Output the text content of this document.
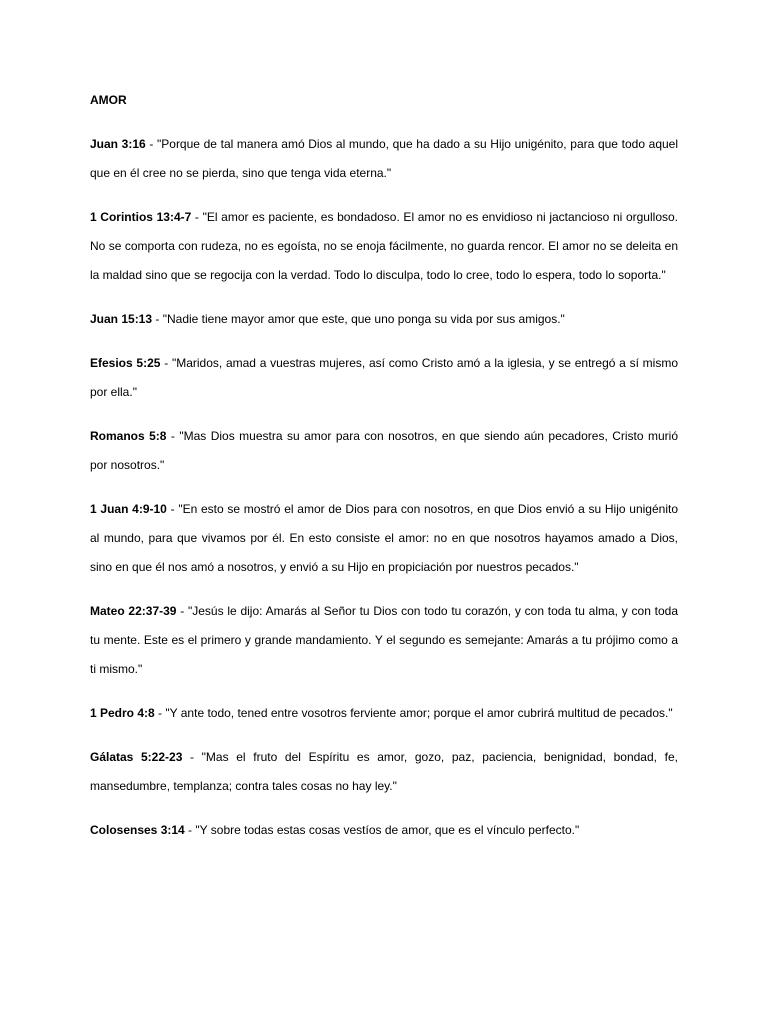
AMOR

Juan 3:16 - "Porque de tal manera amó Dios al mundo, que ha dado a su Hijo unigénito, para que todo aquel que en él cree no se pierda, sino que tenga vida eterna."

1 Corintios 13:4-7 - "El amor es paciente, es bondadoso. El amor no es envidioso ni jactancioso ni orgulloso. No se comporta con rudeza, no es egoísta, no se enoja fácilmente, no guarda rencor. El amor no se deleita en la maldad sino que se regocija con la verdad. Todo lo disculpa, todo lo cree, todo lo espera, todo lo soporta."

Juan 15:13 - "Nadie tiene mayor amor que este, que uno ponga su vida por sus amigos."

Efesios 5:25 - "Maridos, amad a vuestras mujeres, así como Cristo amó a la iglesia, y se entregó a sí mismo por ella."

Romanos 5:8 - "Mas Dios muestra su amor para con nosotros, en que siendo aún pecadores, Cristo murió por nosotros."

1 Juan 4:9-10 - "En esto se mostró el amor de Dios para con nosotros, en que Dios envió a su Hijo unigénito al mundo, para que vivamos por él. En esto consiste el amor: no en que nosotros hayamos amado a Dios, sino en que él nos amó a nosotros, y envió a su Hijo en propiciación por nuestros pecados."

Mateo 22:37-39 - "Jesús le dijo: Amarás al Señor tu Dios con todo tu corazón, y con toda tu alma, y con toda tu mente. Este es el primero y grande mandamiento. Y el segundo es semejante: Amarás a tu prójimo como a ti mismo."

1 Pedro 4:8 - "Y ante todo, tened entre vosotros ferviente amor; porque el amor cubrirá multitud de pecados."

Gálatas 5:22-23 - "Mas el fruto del Espíritu es amor, gozo, paz, paciencia, benignidad, bondad, fe, mansedumbre, templanza; contra tales cosas no hay ley."

Colosenses 3:14 - "Y sobre todas estas cosas vestíos de amor, que es el vínculo perfecto."
